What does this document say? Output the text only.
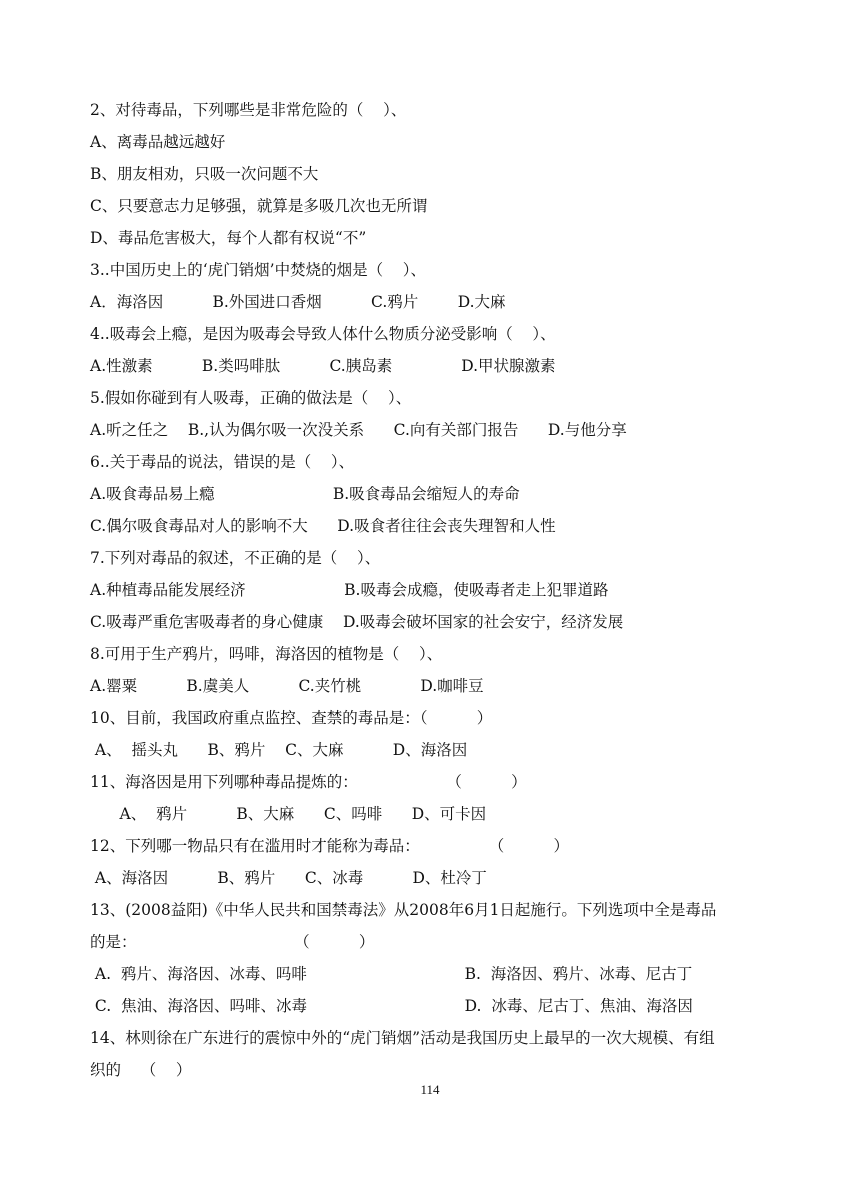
2、对待毒品，下列哪些是非常危险的（    ）、
A、离毒品越远越好
B、朋友相劝，只吸一次问题不大
C、只要意志力足够强，就算是多吸几次也无所谓
D、毒品危害极大，每个人都有权说“不”
3..中国历史上的‘虎门销烟’中焚烧的烟是（    ）、
A．海洛因          B.外国进口香烟          C.鸦片        D.大麻
4..吸毒会上瘾，是因为吸毒会导致人体什么物质分泌受影响（    ）、
A.性激素          B.类吗啡肽          C.胰岛素              D.甲状腺激素
5.假如你碰到有人吸毒，正确的做法是（    ）、
A.听之任之    B.,认为偶尔吸一次没关系      C.向有关部门报告      D.与他分享
6..关于毒品的说法，错误的是（    ）、
A.吸食毒品易上瘾                        B.吸食毒品会缩短人的寿命
C.偶尔吸食毒品对人的影响不大      D.吸食者往往会丧失理智和人性
7.下列对毒品的叙述，不正确的是（    ）、
A.种植毒品能发展经济                    B.吸毒会成瘾，使吸毒者走上犯罪道路
C.吸毒严重危害吸毒者的身心健康    D.吸毒会破坏国家的社会安宁，经济发展
8.可用于生产鸦片，吗啡，海洛因的植物是（    ）、
A.罂粟          B.虞美人          C.夹竹桃            D.咖啡豆
10、目前，我国政府重点监控、查禁的毒品是：（          ）
A、  摇头丸      B、鸦片    C、大麻          D、海洛因
11、海洛因是用下列哪种毒品提炼的：                  （          ）
A、  鸦片          B、大麻      C、吗啡      D、可卡因
12、下列哪一物品只有在滥用时才能称为毒品：              （          ）
A、海洛因          B、鸦片      C、冰毒          D、杜冷丁
13、(2008益阳)《中华人民共和国禁毒法》从2008年6月1日起施行。下列选项中全是毒品
的是：                                （          ）
A.  鸦片、海洛因、冰毒、吗啡                                B.  海洛因、鸦片、冰毒、尼古丁
C.  焦油、海洛因、吗啡、冰毒                                D.  冰毒、尼古丁、焦油、海洛因
14、林则徐在广东进行的震惊中外的“虎门销烟”活动是我国历史上最早的一次大规模、有组
织的    （    ）
114
